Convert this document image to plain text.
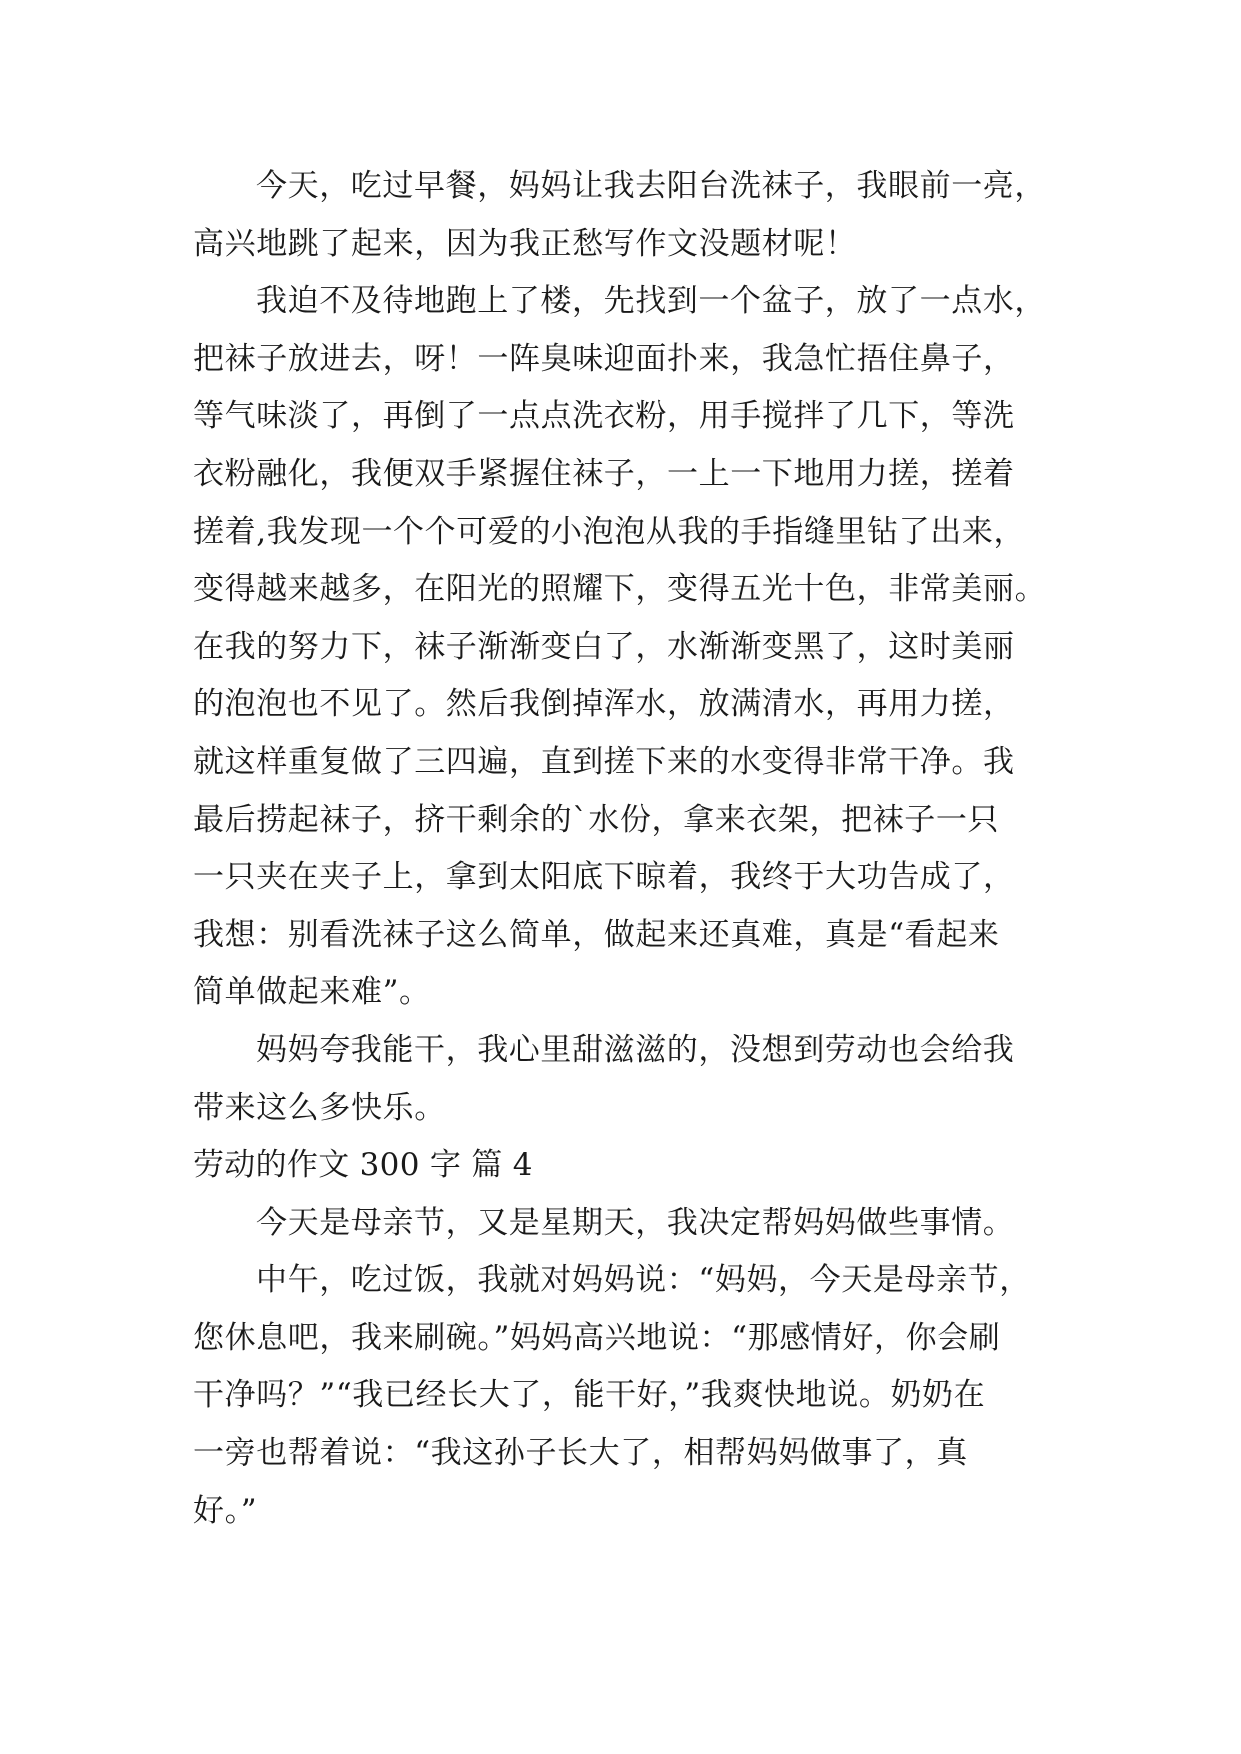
今天，吃过早餐，妈妈让我去阳台洗袜子，我眼前一亮，
高兴地跳了起来，因为我正愁写作文没题材呢！
我迫不及待地跑上了楼，先找到一个盆子，放了一点水，
把袜子放进去，呀！一阵臭味迎面扑来，我急忙捂住鼻子，
等气味淡了，再倒了一点点洗衣粉，用手搅拌了几下，等洗
衣粉融化，我便双手紧握住袜子，一上一下地用力搓，搓着
搓着,我发现一个个可爱的小泡泡从我的手指缝里钻了出来，
变得越来越多，在阳光的照耀下，变得五光十色，非常美丽。
在我的努力下，袜子渐渐变白了，水渐渐变黑了，这时美丽
的泡泡也不见了。然后我倒掉浑水，放满清水，再用力搓，
就这样重复做了三四遍，直到搓下来的水变得非常干净。我
最后捞起袜子，挤干剩余的`水份，拿来衣架，把袜子一只
一只夹在夹子上，拿到太阳底下晾着，我终于大功告成了，
我想：别看洗袜子这么简单，做起来还真难，真是“看起来
简单做起来难”。
妈妈夸我能干，我心里甜滋滋的，没想到劳动也会给我
带来这么多快乐。
劳动的作文 300 字 篇 4
今天是母亲节，又是星期天，我决定帮妈妈做些事情。
中午，吃过饭，我就对妈妈说：“妈妈，今天是母亲节，
您休息吧，我来刷碗。”妈妈高兴地说：“那感情好，你会刷
干净吗？”“我已经长大了，能干好，”我爽快地说。奶奶在
一旁也帮着说：“我这孙子长大了，相帮妈妈做事了，真
好。”
